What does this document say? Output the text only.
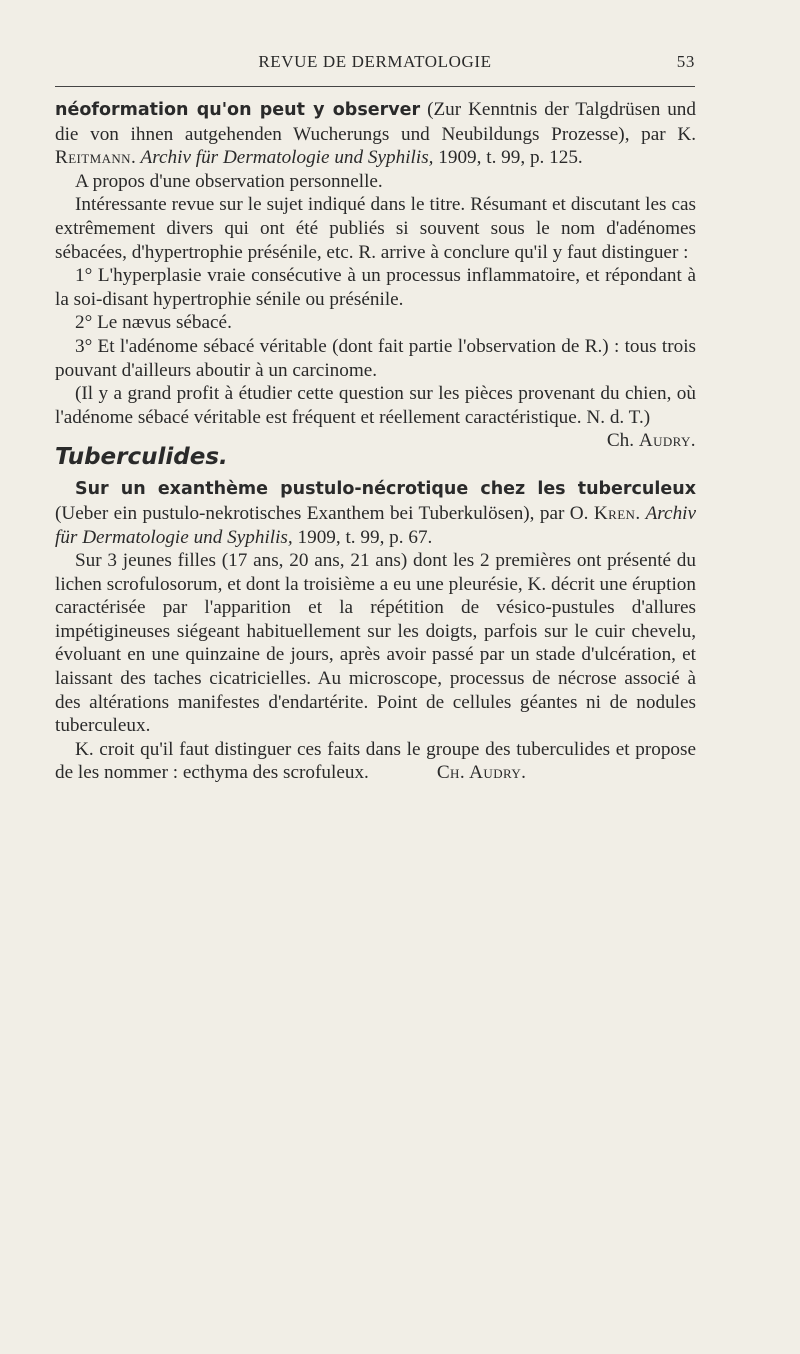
REVUE DE DERMATOLOGIE	53

néoformation qu'on peut y observer (Zur Kenntnis der Talgdrüsen und die von ihnen autgehenden Wucherungs und Neubildungs Prozesse), par K. Reitmann. Archiv für Dermatologie und Syphilis, 1909, t. 99, p. 125.

A propos d'une observation personnelle.

Intéressante revue sur le sujet indiqué dans le titre. Résumant et discutant les cas extrêmement divers qui ont été publiés si souvent sous le nom d'adénomes sébacées, d'hypertrophie présénile, etc. R. arrive à conclure qu'il y faut distinguer :

1° L'hyperplasie vraie consécutive à un processus inflammatoire, et répondant à la soi-disant hypertrophie sénile ou présénile.

2° Le nævus sébacé.

3° Et l'adénome sébacé véritable (dont fait partie l'observation de R.) : tous trois pouvant d'ailleurs aboutir à un carcinome.

(Il y a grand profit à étudier cette question sur les pièces provenant du chien, où l'adénome sébacé véritable est fréquent et réellement caractéristique. N. d. T.)
Ch. Audry.

Tuberculides.

Sur un exanthème pustulo-nécrotique chez les tuberculeux (Ueber ein pustulo-nekrotisches Exanthem bei Tuberkulösen), par O. Kren. Archiv für Dermatologie und Syphilis, 1909, t. 99, p. 67.

Sur 3 jeunes filles (17 ans, 20 ans, 21 ans) dont les 2 premières ont présenté du lichen scrofulosorum, et dont la troisième a eu une pleurésie, K. décrit une éruption caractérisée par l'apparition et la répétition de vésico-pustules d'allures impétigineuses siégeant habituellement sur les doigts, parfois sur le cuir chevelu, évoluant en une quinzaine de jours, après avoir passé par un stade d'ulcération, et laissant des taches cicatricielles. Au microscope, processus de nécrose associé à des altérations manifestes d'endartérite. Point de cellules géantes ni de nodules tuberculeux.

K. croit qu'il faut distinguer ces faits dans le groupe des tuberculides et propose de les nommer : ecthyma des scrofuleux.	Ch. Audry.
